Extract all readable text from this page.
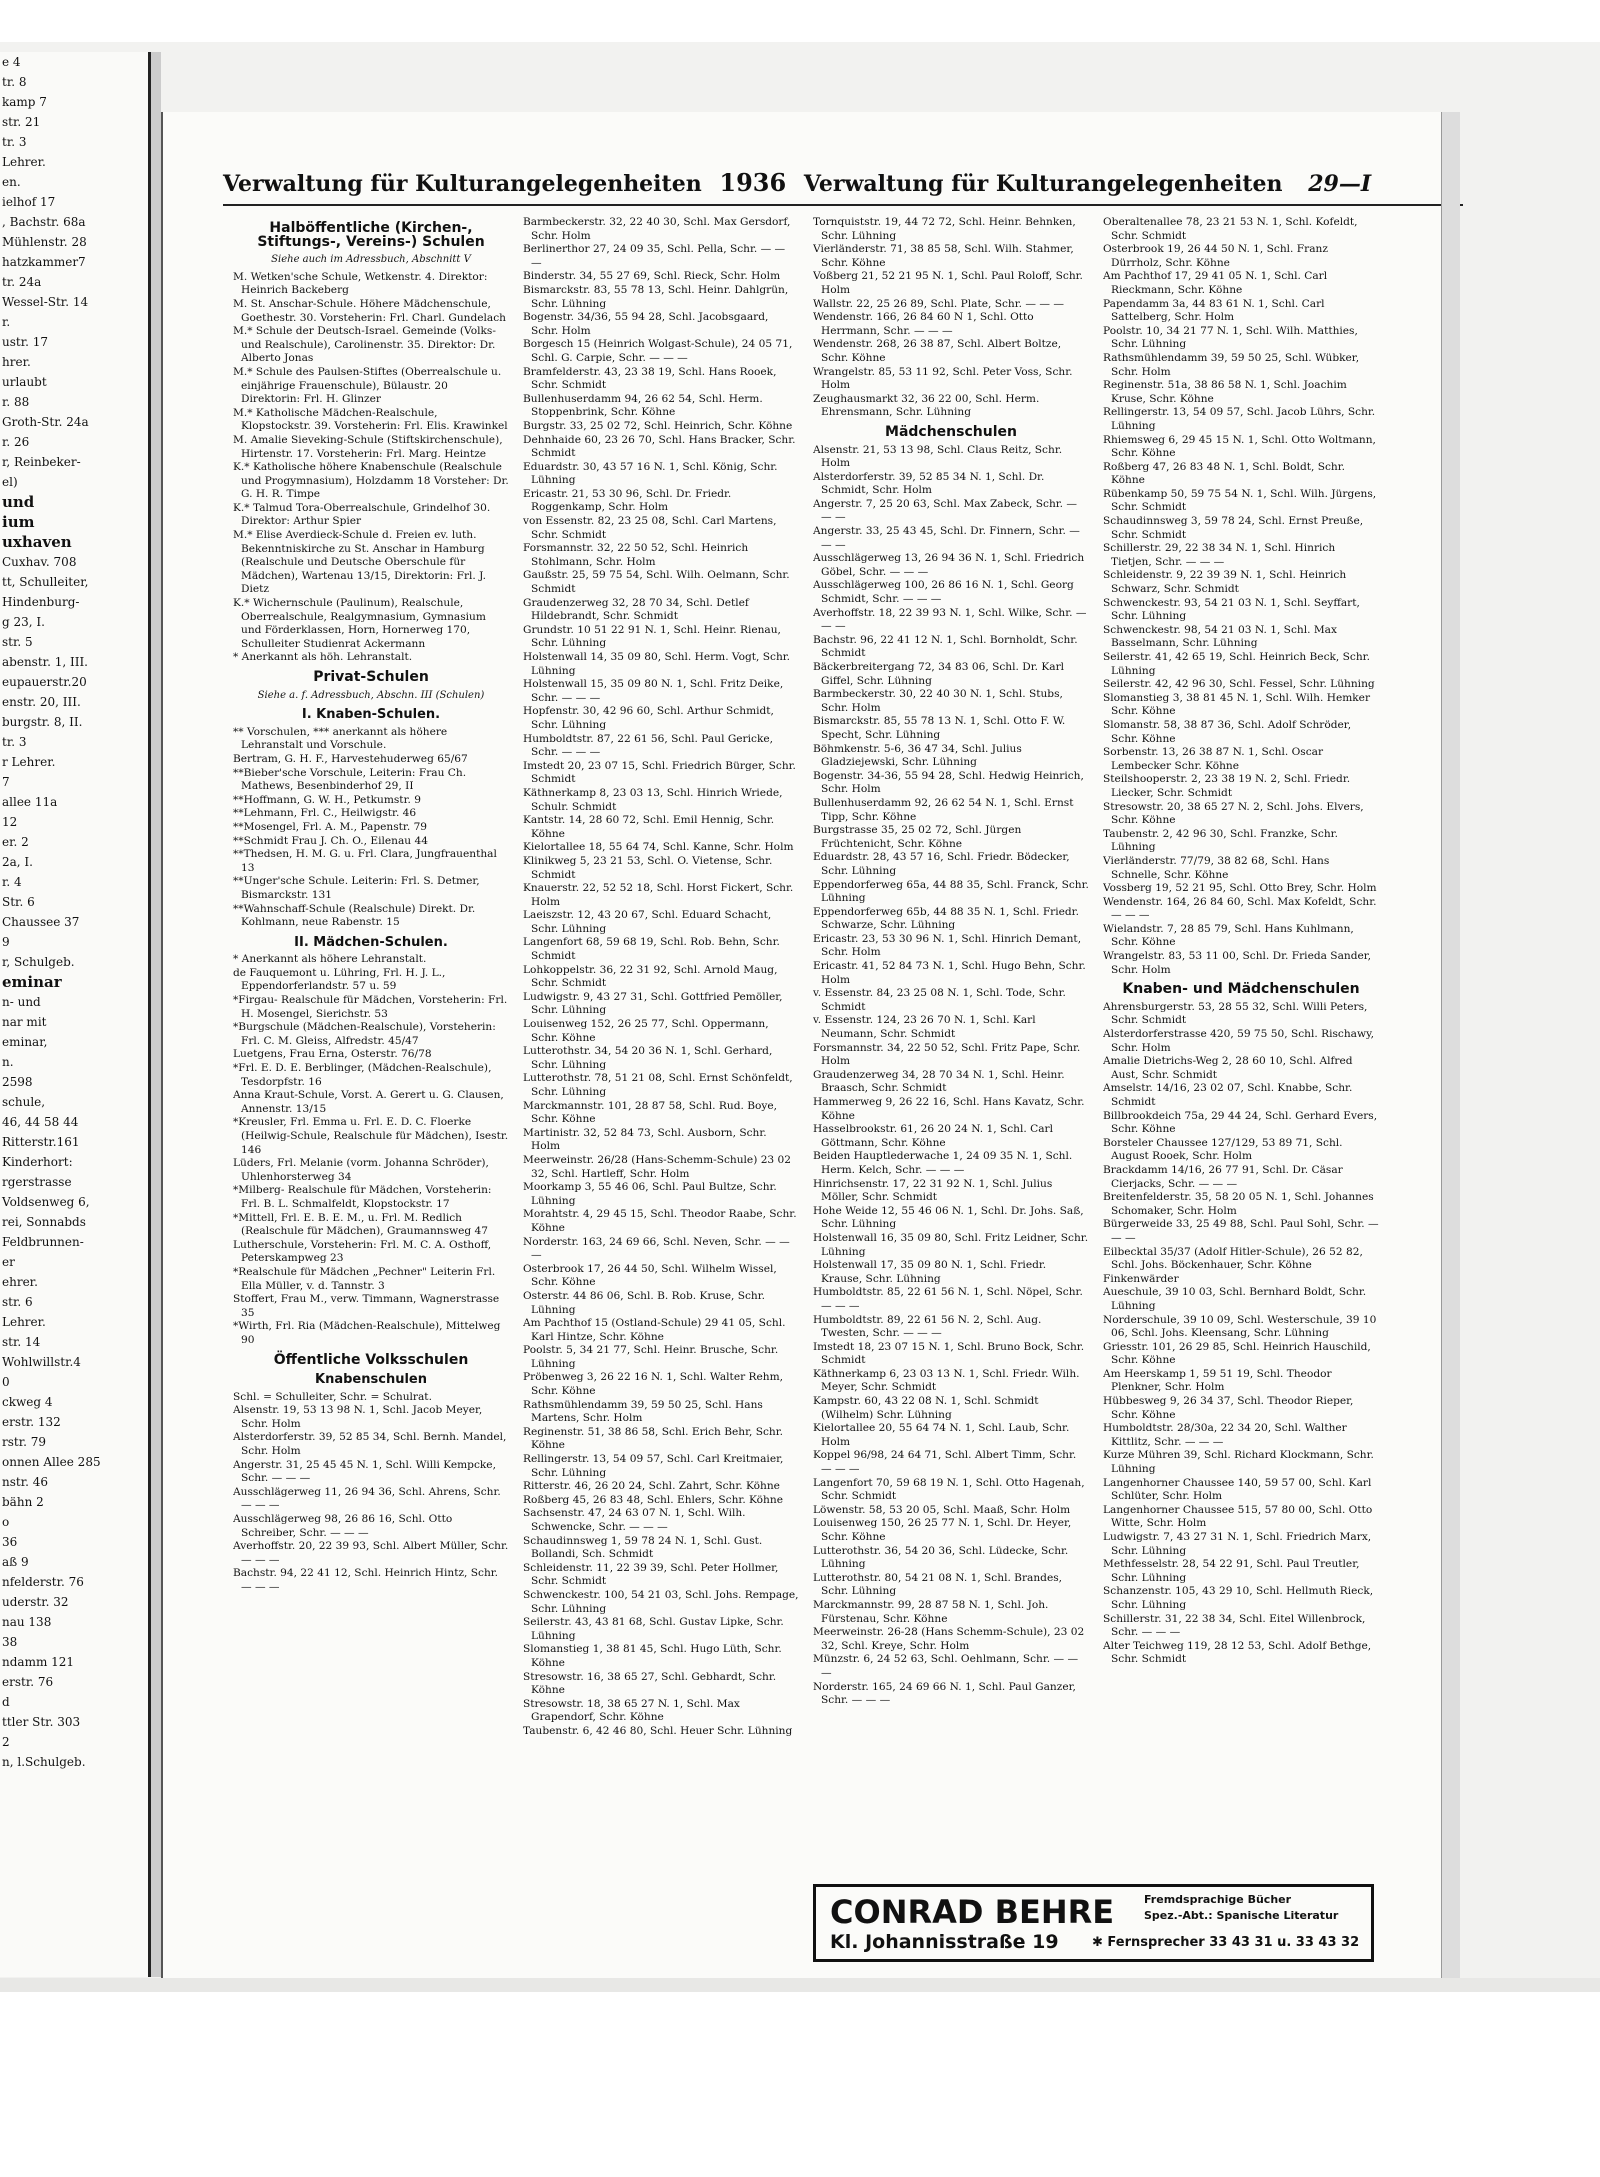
e 4
tr. 8
kamp 7
str. 21
tr. 3
Lehrer.
en.
ielhof 17
, Bachstr. 68a
Mühlenstr. 28
hatzkammer7
tr. 24a
Wessel-Str. 14
r.
ustr. 17
hrer.
urlaubt
r. 88
Groth-Str. 24a
r. 26
r, Reinbeker-
el)
und
ium
uxhaven
Cuxhav. 708
tt, Schulleiter,
Hindenburg-
g 23, I.
str. 5
abenstr. 1, III.
eupauerstr.20
enstr. 20, III.
burgstr. 8, II.
tr. 3
r Lehrer.
7
allee 11a
12
er. 2
2a, I.
r. 4
Str. 6
Chaussee 37
9
r, Schulgeb.
eminar
n- und
nar mit
eminar,
n.
2598
schule,
46, 44 58 44
Ritterstr.161
Kinderhort:
rgerstrasse
Voldsenweg 6,
rei, Sonnabds
Feldbrunnen-
er
ehrer.
str. 6
Lehrer.
str. 14
Wohlwillstr.4
0
ckweg 4
erstr. 132
rstr. 79
onnen Allee 285
nstr. 46
bähn 2
o
36
aß 9
nfelderstr. 76
uderstr. 32
nau 138
38
ndamm 121
erstr. 76
d
ttler Str. 303
2
n, l.Schulgeb.
Verwaltung für Kulturangelegenheiten 1936 Verwaltung für Kulturangelegenheiten 29—I
Halböffentliche (Kirchen-, Stiftungs-, Vereins-) Schulen
Siehe auch im Adressbuch, Abschnitt V
M. Wetken'sche Schule, Wetkenstr. 4. Direktor: Heinrich Backeberg
M. St. Anschar-Schule. Höhere Mädchenschule, Goethestr. 30. Vorsteherin: Frl. Charl. Gundelach
M.* Schule der Deutsch-Israel. Gemeinde (Volks- und Realschule), Carolinenstr. 35. Direktor: Dr. Alberto Jonas
M.* Schule des Paulsen-Stiftes (Oberrealschule u. einjährige Frauenschule), Bülaustr. 20 Direktorin: Frl. H. Glinzer
M.* Katholische Mädchen-Realschule, Klopstockstr. 39. Vorsteherin: Frl. Elis. Krawinkel
M. Amalie Sieveking-Schule (Stiftskirchenschule), Hirtenstr. 17. Vorsteherin: Frl. Marg. Heintze
K.* Katholische höhere Knabenschule (Realschule und Progymnasium), Holzdamm 18 Vorsteher: Dr. G. H. R. Timpe
K.* Talmud Tora-Oberrealschule, Grindelhof 30. Direktor: Arthur Spier
M.* Elise Averdieck-Schule d. Freien ev. luth. Bekenntniskirche zu St. Anschar in Hamburg (Realschule und Deutsche Oberschule für Mädchen), Wartenau 13/15, Direktorin: Frl. J. Dietz
K.* Wichernschule (Paulinum), Realschule, Oberrealschule, Realgymnasium, Gymnasium und Förderklassen, Horn, Hornerweg 170, Schulleiter Studienrat Ackermann
* Anerkannt als höh. Lehranstalt.
Privat-Schulen
Siehe a. f. Adressbuch, Abschn. III (Schulen)
I. Knaben-Schulen.
** Vorschulen, *** anerkannt als höhere Lehranstalt und Vorschule.
Bertram, G. H. F., Harvestehuderweg 65/67
**Bieber'sche Vorschule, Leiterin: Frau Ch. Mathews, Besenbinderhof 29, II
**Hoffmann, G. W. H., Petkumstr. 9
**Lehmann, Frl. C., Heilwigstr. 46
**Mosengel, Frl. A. M., Papenstr. 79
**Schmidt Frau J. Ch. O., Eilenau 44
**Thedsen, H. M. G. u. Frl. Clara, Jungfrauenthal 13
**Unger'sche Schule. Leiterin: Frl. S. Detmer, Bismarckstr. 131
**Wahnschaff-Schule (Realschule) Direkt. Dr. Kohlmann, neue Rabenstr. 15
II. Mädchen-Schulen.
* Anerkannt als höhere Lehranstalt.
de Fauquemont u. Lühring, Frl. H. J. L., Eppendorferlandstr. 57 u. 59
*Firgau- Realschule für Mädchen, Vorsteherin: Frl. H. Mosengel, Sierichstr. 53
*Burgschule (Mädchen-Realschule), Vorsteherin: Frl. C. M. Gleiss, Alfredstr. 45/47
Luetgens, Frau Erna, Osterstr. 76/78
*Frl. E. D. E. Berblinger, (Mädchen-Realschule), Tesdorpfstr. 16
Anna Kraut-Schule, Vorst. A. Gerert u. G. Clausen, Annenstr. 13/15
*Kreusler, Frl. Emma u. Frl. E. D. C. Floerke (Heilwig-Schule, Realschule für Mädchen), Isestr. 146
Lüders, Frl. Melanie (vorm. Johanna Schröder), Uhlenhorsterweg 34
*Milberg- Realschule für Mädchen, Vorsteherin: Frl. B. L. Schmalfeldt, Klopstockstr. 17
*Mittell, Frl. E. B. E. M., u. Frl. M. Redlich (Realschule für Mädchen), Graumannsweg 47
Lutherschule, Vorsteherin: Frl. M. C. A. Osthoff, Peterskampweg 23
*Realschule für Mädchen „Pechner" Leiterin Frl. Ella Müller, v. d. Tannstr. 3
Stoffert, Frau M., verw. Timmann, Wagnerstrasse 35
*Wirth, Frl. Ria (Mädchen-Realschule), Mittelweg 90
Öffentliche Volksschulen
Knabenschulen
Schl. = Schulleiter, Schr. = Schulrat.
Alsenstr. 19, 53 13 98 N. 1, Schl. Jacob Meyer, Schr. Holm
Alsterdorferstr. 39, 52 85 34, Schl. Bernh. Mandel, Schr. Holm
Angerstr. 31, 25 45 45 N. 1, Schl. Willi Kempcke, Schr. — — —
Ausschlägerweg 11, 26 94 36, Schl. Ahrens, Schr. — — —
Ausschlägerweg 98, 26 86 16, Schl. Otto Schreiber, Schr. — — —
Averhoffstr. 20, 22 39 93, Schl. Albert Müller, Schr. — — —
Bachstr. 94, 22 41 12, Schl. Heinrich Hintz, Schr. — — —
Barmbeckerstr. 32, 22 40 30, Schl. Max Gersdorf, Schr. Holm
Berlinerthor 27, 24 09 35, Schl. Pella, Schr. — — —
Binderstr. 34, 55 27 69, Schl. Rieck, Schr. Holm
Bismarckstr. 83, 55 78 13, Schl. Heinr. Dahlgrün, Schr. Lühning
Bogenstr. 34/36, 55 94 28, Schl. Jacobsgaard, Schr. Holm
Borgesch 15 (Heinrich Wolgast-Schule), 24 05 71, Schl. G. Carpie, Schr. — — —
Bramfelderstr. 43, 23 38 19, Schl. Hans Rooek, Schr. Schmidt
Bullenhuserdamm 94, 26 62 54, Schl. Herm. Stoppenbrink, Schr. Köhne
Burgstr. 33, 25 02 72, Schl. Heinrich, Schr. Köhne
Dehnhaide 60, 23 26 70, Schl. Hans Bracker, Schr. Schmidt
Eduardstr. 30, 43 57 16 N. 1, Schl. König, Schr. Lühning
Ericastr. 21, 53 30 96, Schl. Dr. Friedr. Roggenkamp, Schr. Holm
von Essenstr. 82, 23 25 08, Schl. Carl Martens, Schr. Schmidt
Forsmannstr. 32, 22 50 52, Schl. Heinrich Stohlmann, Schr. Holm
Gaußstr. 25, 59 75 54, Schl. Wilh. Oelmann, Schr. Schmidt
Graudenzerweg 32, 28 70 34, Schl. Detlef Hildebrandt, Schr. Schmidt
Grundstr. 10 51 22 91 N. 1, Schl. Heinr. Rienau, Schr. Lühning
Holstenwall 14, 35 09 80, Schl. Herm. Vogt, Schr. Lühning
Holstenwall 15, 35 09 80 N. 1, Schl. Fritz Deike, Schr. — — —
Hopfenstr. 30, 42 96 60, Schl. Arthur Schmidt, Schr. Lühning
Humboldtstr. 87, 22 61 56, Schl. Paul Gericke, Schr. — — —
Imstedt 20, 23 07 15, Schl. Friedrich Bürger, Schr. Schmidt
Käthnerkamp 8, 23 03 13, Schl. Hinrich Wriede, Schulr. Schmidt
Kantstr. 14, 28 60 72, Schl. Emil Hennig, Schr. Köhne
Kielortallee 18, 55 64 74, Schl. Kanne, Schr. Holm
Klinikweg 5, 23 21 53, Schl. O. Vietense, Schr. Schmidt
Knauerstr. 22, 52 52 18, Schl. Horst Fickert, Schr. Holm
Laeiszstr. 12, 43 20 67, Schl. Eduard Schacht, Schr. Lühning
Langenfort 68, 59 68 19, Schl. Rob. Behn, Schr. Schmidt
Lohkoppelstr. 36, 22 31 92, Schl. Arnold Maug, Schr. Schmidt
Ludwigstr. 9, 43 27 31, Schl. Gottfried Pemöller, Schr. Lühning
Louisenweg 152, 26 25 77, Schl. Oppermann, Schr. Köhne
Lutterothstr. 34, 54 20 36 N. 1, Schl. Gerhard, Schr. Lühning
Lutterothstr. 78, 51 21 08, Schl. Ernst Schönfeldt, Schr. Lühning
Marckmannstr. 101, 28 87 58, Schl. Rud. Boye, Schr. Köhne
Martinistr. 32, 52 84 73, Schl. Ausborn, Schr. Holm
Meerweinstr. 26/28 (Hans-Schemm-Schule) 23 02 32, Schl. Hartleff, Schr. Holm
Moorkamp 3, 55 46 06, Schl. Paul Bultze, Schr. Lühning
Morahtstr. 4, 29 45 15, Schl. Theodor Raabe, Schr. Köhne
Norderstr. 163, 24 69 66, Schl. Neven, Schr. — — —
Osterbrook 17, 26 44 50, Schl. Wilhelm Wissel, Schr. Köhne
Osterstr. 44 86 06, Schl. B. Rob. Kruse, Schr. Lühning
Am Pachthof 15 (Ostland-Schule) 29 41 05, Schl. Karl Hintze, Schr. Köhne
Poolstr. 5, 34 21 77, Schl. Heinr. Brusche, Schr. Lühning
Pröbenweg 3, 26 22 16 N. 1, Schl. Walter Rehm, Schr. Köhne
Rathsmühlendamm 39, 59 50 25, Schl. Hans Martens, Schr. Holm
Reginenstr. 51, 38 86 58, Schl. Erich Behr, Schr. Köhne
Rellingerstr. 13, 54 09 57, Schl. Carl Kreitmaier, Schr. Lühning
Ritterstr. 46, 26 20 24, Schl. Zahrt, Schr. Köhne
Roßberg 45, 26 83 48, Schl. Ehlers, Schr. Köhne
Sachsenstr. 47, 24 63 07 N. 1, Schl. Wilh. Schwencke, Schr. — — —
Schaudinnsweg 1, 59 78 24 N. 1, Schl. Gust. Bollandi, Sch. Schmidt
Schleidenstr. 11, 22 39 39, Schl. Peter Hollmer, Schr. Schmidt
Schwenckestr. 100, 54 21 03, Schl. Johs. Rempage, Schr. Lühning
Seilerstr. 43, 43 81 68, Schl. Gustav Lipke, Schr. Lühning
Slomanstieg 1, 38 81 45, Schl. Hugo Lüth, Schr. Köhne
Stresowstr. 16, 38 65 27, Schl. Gebhardt, Schr. Köhne
Stresowstr. 18, 38 65 27 N. 1, Schl. Max Grapendorf, Schr. Köhne
Taubenstr. 6, 42 46 80, Schl. Heuer Schr. Lühning
Tornquiststr. 19, 44 72 72, Schl. Heinr. Behnken, Schr. Lühning
Vierländerstr. 71, 38 85 58, Schl. Wilh. Stahmer, Schr. Köhne
Voßberg 21, 52 21 95 N. 1, Schl. Paul Roloff, Schr. Holm
Wallstr. 22, 25 26 89, Schl. Plate, Schr. — — —
Wendenstr. 166, 26 84 60 N 1, Schl. Otto Herrmann, Schr. — — —
Wendenstr. 268, 26 38 87, Schl. Albert Boltze, Schr. Köhne
Wrangelstr. 85, 53 11 92, Schl. Peter Voss, Schr. Holm
Zeughausmarkt 32, 36 22 00, Schl. Herm. Ehrensmann, Schr. Lühning
Mädchenschulen
Alsenstr. 21, 53 13 98, Schl. Claus Reitz, Schr. Holm
Alsterdorferstr. 39, 52 85 34 N. 1, Schl. Dr. Schmidt, Schr. Holm
Angerstr. 7, 25 20 63, Schl. Max Zabeck, Schr. — — —
Angerstr. 33, 25 43 45, Schl. Dr. Finnern, Schr. — — —
Ausschlägerweg 13, 26 94 36 N. 1, Schl. Friedrich Göbel, Schr. — — —
Ausschlägerweg 100, 26 86 16 N. 1, Schl. Georg Schmidt, Schr. — — —
Averhoffstr. 18, 22 39 93 N. 1, Schl. Wilke, Schr. — — —
Bachstr. 96, 22 41 12 N. 1, Schl. Bornholdt, Schr. Schmidt
Bäckerbreitergang 72, 34 83 06, Schl. Dr. Karl Giffel, Schr. Lühning
Barmbeckerstr. 30, 22 40 30 N. 1, Schl. Stubs, Schr. Holm
Bismarckstr. 85, 55 78 13 N. 1, Schl. Otto F. W. Specht, Schr. Lühning
Böhmkenstr. 5-6, 36 47 34, Schl. Julius Gladziejewski, Schr. Lühning
Bogenstr. 34-36, 55 94 28, Schl. Hedwig Heinrich, Schr. Holm
Bullenhuserdamm 92, 26 62 54 N. 1, Schl. Ernst Tipp, Schr. Köhne
Burgstrasse 35, 25 02 72, Schl. Jürgen Früchtenicht, Schr. Köhne
Eduardstr. 28, 43 57 16, Schl. Friedr. Bödecker, Schr. Lühning
Eppendorferweg 65a, 44 88 35, Schl. Franck, Schr. Lühning
Eppendorferweg 65b, 44 88 35 N. 1, Schl. Friedr. Schwarze, Schr. Lühning
Ericastr. 23, 53 30 96 N. 1, Schl. Hinrich Demant, Schr. Holm
Ericastr. 41, 52 84 73 N. 1, Schl. Hugo Behn, Schr. Holm
v. Essenstr. 84, 23 25 08 N. 1, Schl. Tode, Schr. Schmidt
v. Essenstr. 124, 23 26 70 N. 1, Schl. Karl Neumann, Schr. Schmidt
Forsmannstr. 34, 22 50 52, Schl. Fritz Pape, Schr. Holm
Graudenzerweg 34, 28 70 34 N. 1, Schl. Heinr. Braasch, Schr. Schmidt
Hammerweg 9, 26 22 16, Schl. Hans Kavatz, Schr. Köhne
Hasselbrookstr. 61, 26 20 24 N. 1, Schl. Carl Göttmann, Schr. Köhne
Beiden Hauptlederwache 1, 24 09 35 N. 1, Schl. Herm. Kelch, Schr. — — —
Hinrichsenstr. 17, 22 31 92 N. 1, Schl. Julius Möller, Schr. Schmidt
Hohe Weide 12, 55 46 06 N. 1, Schl. Dr. Johs. Saß, Schr. Lühning
Holstenwall 16, 35 09 80, Schl. Fritz Leidner, Schr. Lühning
Holstenwall 17, 35 09 80 N. 1, Schl. Friedr. Krause, Schr. Lühning
Humboldtstr. 85, 22 61 56 N. 1, Schl. Nöpel, Schr. — — —
Humboldtstr. 89, 22 61 56 N. 2, Schl. Aug. Twesten, Schr. — — —
Imstedt 18, 23 07 15 N. 1, Schl. Bruno Bock, Schr. Schmidt
Käthnerkamp 6, 23 03 13 N. 1, Schl. Friedr. Wilh. Meyer, Schr. Schmidt
Kampstr. 60, 43 22 08 N. 1, Schl. Schmidt (Wilhelm) Schr. Lühning
Kielortallee 20, 55 64 74 N. 1, Schl. Laub, Schr. Holm
Koppel 96/98, 24 64 71, Schl. Albert Timm, Schr. — — —
Langenfort 70, 59 68 19 N. 1, Schl. Otto Hagenah, Schr. Schmidt
Löwenstr. 58, 53 20 05, Schl. Maaß, Schr. Holm
Louisenweg 150, 26 25 77 N. 1, Schl. Dr. Heyer, Schr. Köhne
Lutterothstr. 36, 54 20 36, Schl. Lüdecke, Schr. Lühning
Lutterothstr. 80, 54 21 08 N. 1, Schl. Brandes, Schr. Lühning
Marckmannstr. 99, 28 87 58 N. 1, Schl. Joh. Fürstenau, Schr. Köhne
Meerweinstr. 26-28 (Hans Schemm-Schule), 23 02 32, Schl. Kreye, Schr. Holm
Münzstr. 6, 24 52 63, Schl. Oehlmann, Schr. — — —
Norderstr. 165, 24 69 66 N. 1, Schl. Paul Ganzer, Schr. — — —
Oberaltenallee 78, 23 21 53 N. 1, Schl. Kofeldt, Schr. Schmidt
Osterbrook 19, 26 44 50 N. 1, Schl. Franz Dürrholz, Schr. Köhne
Am Pachthof 17, 29 41 05 N. 1, Schl. Carl Rieckmann, Schr. Köhne
Papendamm 3a, 44 83 61 N. 1, Schl. Carl Sattelberg, Schr. Holm
Poolstr. 10, 34 21 77 N. 1, Schl. Wilh. Matthies, Schr. Lühning
Rathsmühlendamm 39, 59 50 25, Schl. Wübker, Schr. Holm
Reginenstr. 51a, 38 86 58 N. 1, Schl. Joachim Kruse, Schr. Köhne
Rellingerstr. 13, 54 09 57, Schl. Jacob Lührs, Schr. Lühning
Rhiemsweg 6, 29 45 15 N. 1, Schl. Otto Woltmann, Schr. Köhne
Roßberg 47, 26 83 48 N. 1, Schl. Boldt, Schr. Köhne
Rübenkamp 50, 59 75 54 N. 1, Schl. Wilh. Jürgens, Schr. Schmidt
Schaudinnsweg 3, 59 78 24, Schl. Ernst Preuße, Schr. Schmidt
Schillerstr. 29, 22 38 34 N. 1, Schl. Hinrich Tietjen, Schr. — — —
Schleidenstr. 9, 22 39 39 N. 1, Schl. Heinrich Schwarz, Schr. Schmidt
Schwenckestr. 93, 54 21 03 N. 1, Schl. Seyffart, Schr. Lühning
Schwenckestr. 98, 54 21 03 N. 1, Schl. Max Basselmann, Schr. Lühning
Seilerstr. 41, 42 65 19, Schl. Heinrich Beck, Schr. Lühning
Seilerstr. 42, 42 96 30, Schl. Fessel, Schr. Lühning
Slomanstieg 3, 38 81 45 N. 1, Schl. Wilh. Hemker Schr. Köhne
Slomanstr. 58, 38 87 36, Schl. Adolf Schröder, Schr. Köhne
Sorbenstr. 13, 26 38 87 N. 1, Schl. Oscar Lembecker Schr. Köhne
Steilshooperstr. 2, 23 38 19 N. 2, Schl. Friedr. Liecker, Schr. Schmidt
Stresowstr. 20, 38 65 27 N. 2, Schl. Johs. Elvers, Schr. Köhne
Taubenstr. 2, 42 96 30, Schl. Franzke, Schr. Lühning
Vierländerstr. 77/79, 38 82 68, Schl. Hans Schnelle, Schr. Köhne
Vossberg 19, 52 21 95, Schl. Otto Brey, Schr. Holm
Wendenstr. 164, 26 84 60, Schl. Max Kofeldt, Schr. — — —
Wielandstr. 7, 28 85 79, Schl. Hans Kuhlmann, Schr. Köhne
Wrangelstr. 83, 53 11 00, Schl. Dr. Frieda Sander, Schr. Holm
Knaben- und Mädchenschulen
Ahrensburgerstr. 53, 28 55 32, Schl. Willi Peters, Schr. Schmidt
Alsterdorferstrasse 420, 59 75 50, Schl. Rischawy, Schr. Holm
Amalie Dietrichs-Weg 2, 28 60 10, Schl. Alfred Aust, Schr. Schmidt
Amselstr. 14/16, 23 02 07, Schl. Knabbe, Schr. Schmidt
Billbrookdeich 75a, 29 44 24, Schl. Gerhard Evers, Schr. Köhne
Borsteler Chaussee 127/129, 53 89 71, Schl. August Rooek, Schr. Holm
Brackdamm 14/16, 26 77 91, Schl. Dr. Cäsar Cierjacks, Schr. — — —
Breitenfelderstr. 35, 58 20 05 N. 1, Schl. Johannes Schomaker, Schr. Holm
Bürgerweide 33, 25 49 88, Schl. Paul Sohl, Schr. — — —
Eilbecktal 35/37 (Adolf Hitler-Schule), 26 52 82, Schl. Johs. Böckenhauer, Schr. Köhne
Finkenwärder
Aueschule, 39 10 03, Schl. Bernhard Boldt, Schr. Lühning
Norderschule, 39 10 09, Schl. Westerschule, 39 10 06, Schl. Johs. Kleensang, Schr. Lühning
Griesstr. 101, 26 29 85, Schl. Heinrich Hauschild, Schr. Köhne
Am Heerskamp 1, 59 51 19, Schl. Theodor Plenkner, Schr. Holm
Hübbesweg 9, 26 34 37, Schl. Theodor Rieper, Schr. Köhne
Humboldtstr. 28/30a, 22 34 20, Schl. Walther Kittlitz, Schr. — — —
Kurze Mühren 39, Schl. Richard Klockmann, Schr. Lühning
Langenhorner Chaussee 140, 59 57 00, Schl. Karl Schlüter, Schr. Holm
Langenhorner Chaussee 515, 57 80 00, Schl. Otto Witte, Schr. Holm
Ludwigstr. 7, 43 27 31 N. 1, Schl. Friedrich Marx, Schr. Lühning
Methfesselstr. 28, 54 22 91, Schl. Paul Treutler, Schr. Lühning
Schanzenstr. 105, 43 29 10, Schl. Hellmuth Rieck, Schr. Lühning
Schillerstr. 31, 22 38 34, Schl. Eitel Willenbrock, Schr. — — —
Alter Teichweg 119, 28 12 53, Schl. Adolf Bethge, Schr. Schmidt
CONRAD BEHRE	Fremdsprachige Bücher
Spez.-Abt.: Spanische Literatur
Kl. Johannisstraße 19	✱ Fernsprecher 33 43 31 u. 33 43 32
